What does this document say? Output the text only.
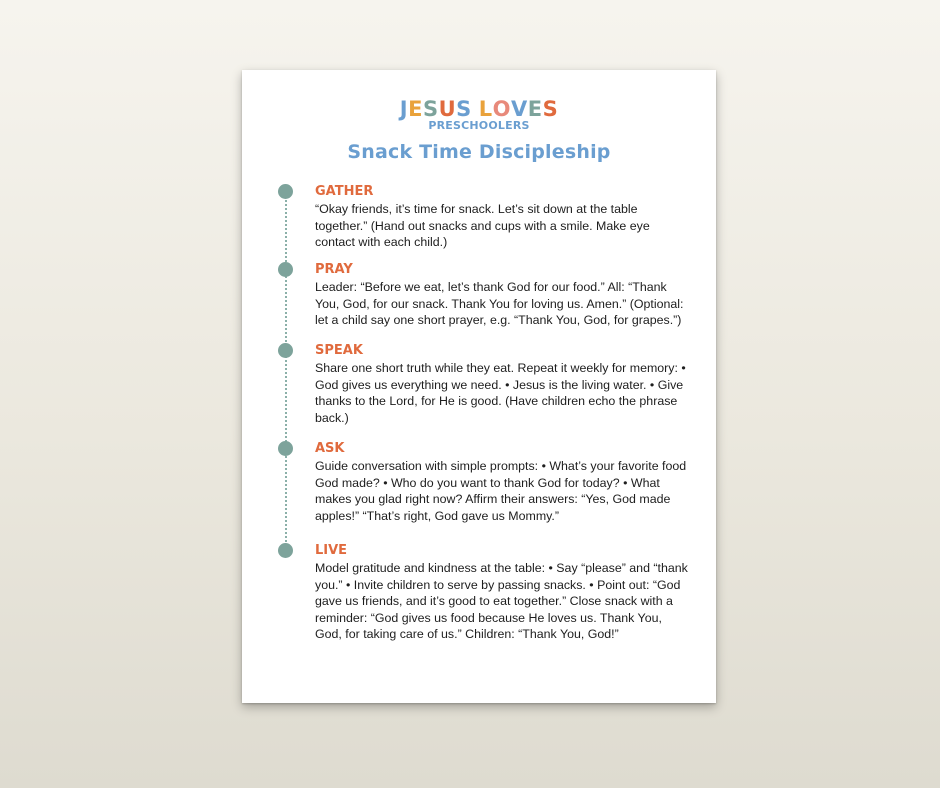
JESUS LOVES
PRESCHOOLERS
Snack Time Discipleship
GATHER
“Okay friends, it’s time for snack. Let’s sit down at the table together.” (Hand out snacks and cups with a smile. Make eye contact with each child.)
PRAY
Leader: “Before we eat, let’s thank God for our food.” All: “Thank You, God, for our snack. Thank You for loving us. Amen.” (Optional: let a child say one short prayer, e.g. “Thank You, God, for grapes.”)
SPEAK
Share one short truth while they eat. Repeat it weekly for memory: • God gives us everything we need. • Jesus is the living water. • Give thanks to the Lord, for He is good. (Have children echo the phrase back.)
ASK
Guide conversation with simple prompts: • What’s your favorite food God made? • Who do you want to thank God for today? • What makes you glad right now? Affirm their answers: “Yes, God made apples!” “That’s right, God gave us Mommy.”
LIVE
Model gratitude and kindness at the table: • Say “please” and “thank you.” • Invite children to serve by passing snacks. • Point out: “God gave us friends, and it’s good to eat together.” Close snack with a reminder: “God gives us food because He loves us. Thank You, God, for taking care of us.” Children: “Thank You, God!”
